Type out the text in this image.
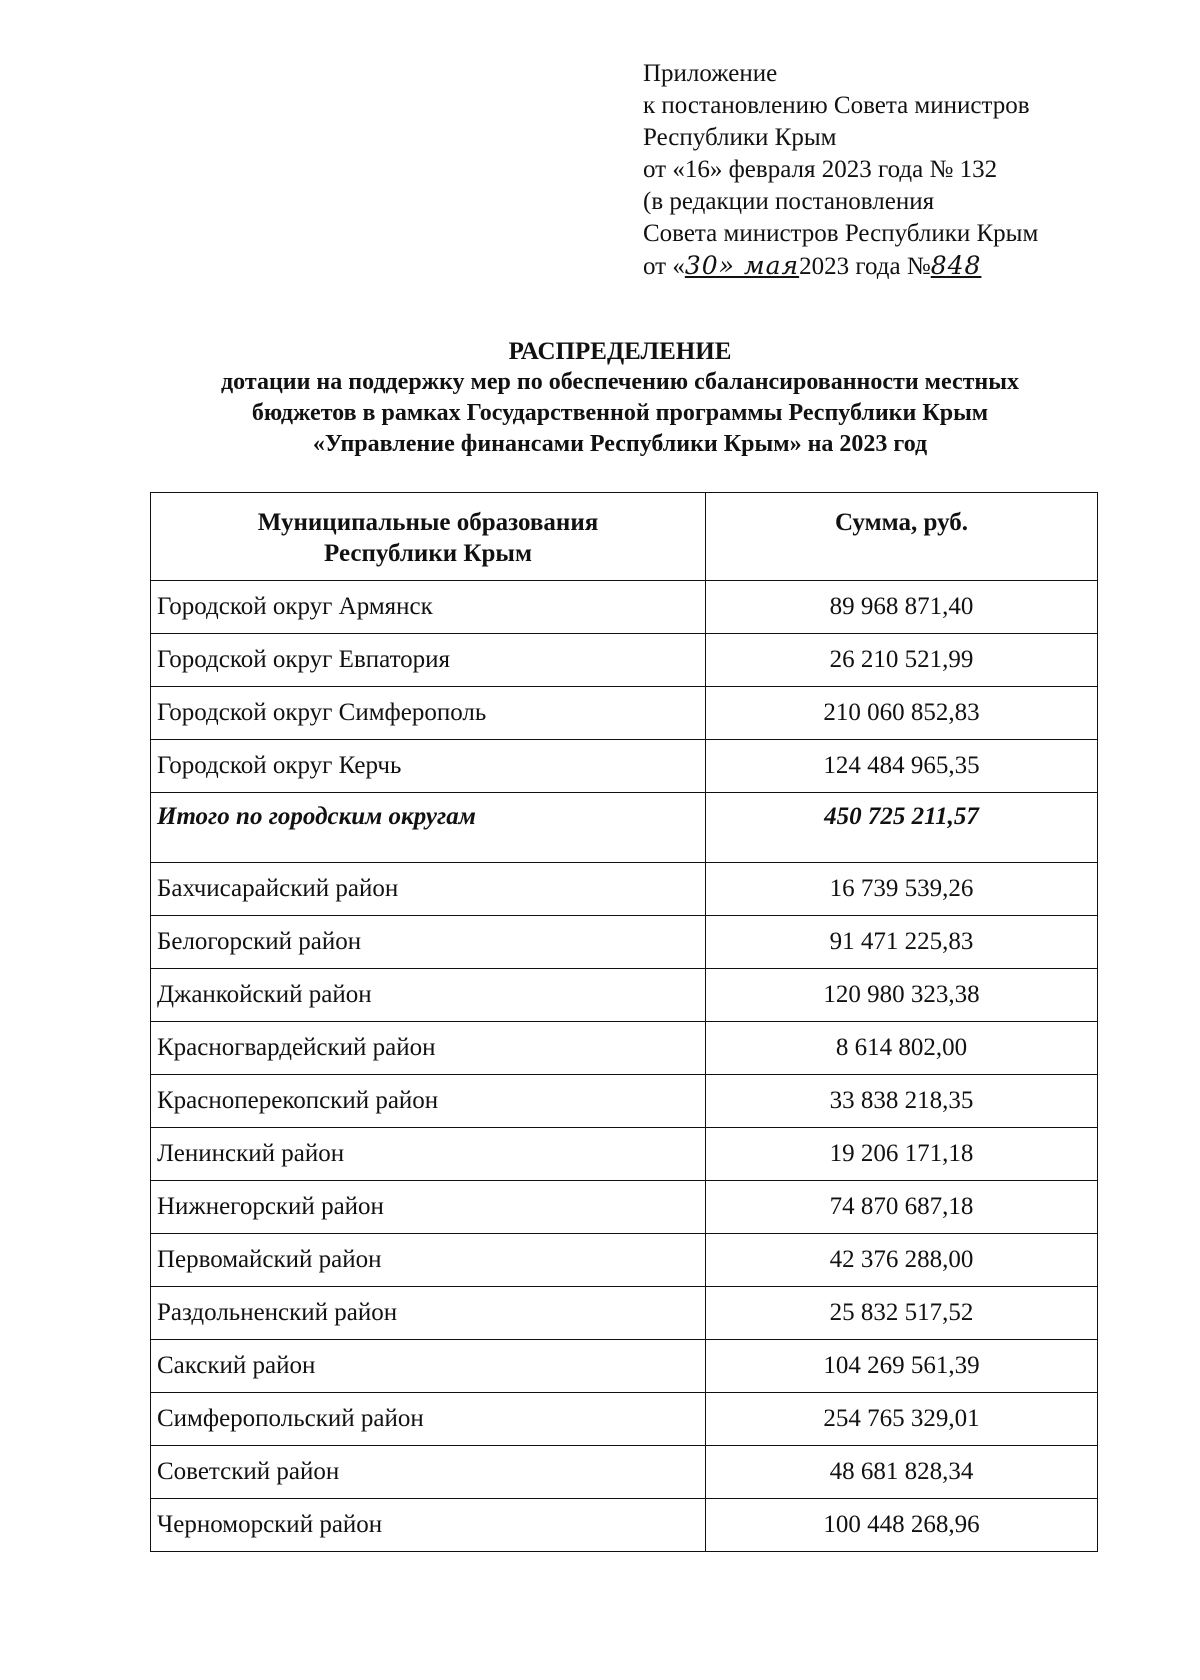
Приложение
к постановлению Совета министров
Республики Крым
от «16» февраля 2023 года № 132
(в редакции постановления
Совета министров Республики Крым
от «30» мая2023 года №848
РАСПРЕДЕЛЕНИЕ
дотации на поддержку мер по обеспечению сбалансированности местных
бюджетов в рамках Государственной программы Республики Крым
«Управление финансами Республики Крым» на 2023 год
Муниципальные образования
Республики Крым	Сумма, руб.
Городской округ Армянск	89 968 871,40
Городской округ Евпатория	26 210 521,99
Городской округ Симферополь	210 060 852,83
Городской округ Керчь	124 484 965,35
Итого по городским округам	450 725 211,57
Бахчисарайский район	16 739 539,26
Белогорский район	91 471 225,83
Джанкойский район	120 980 323,38
Красногвардейский район	8 614 802,00
Красноперекопский район	33 838 218,35
Ленинский район	19 206 171,18
Нижнегорский район	74 870 687,18
Первомайский район	42 376 288,00
Раздольненский район	25 832 517,52
Сакский район	104 269 561,39
Симферопольский район	254 765 329,01
Советский район	48 681 828,34
Черноморский район	100 448 268,96
